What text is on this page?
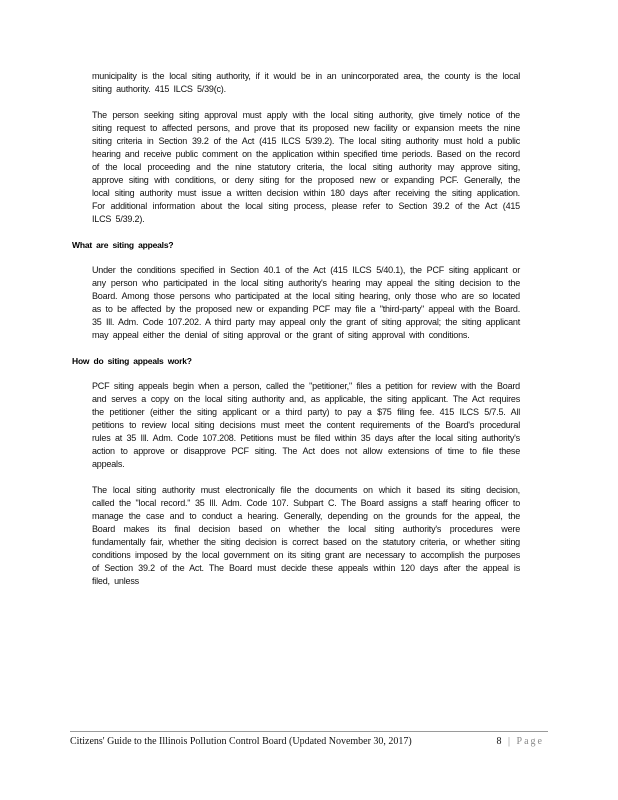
municipality is the local siting authority, if it would be in an unincorporated area, the county is the local siting authority. 415 ILCS 5/39(c).

The person seeking siting approval must apply with the local siting authority, give timely notice of the siting request to affected persons, and prove that its proposed new facility or expansion meets the nine siting criteria in Section 39.2 of the Act (415 ILCS 5/39.2). The local siting authority must hold a public hearing and receive public comment on the application within specified time periods. Based on the record of the local proceeding and the nine statutory criteria, the local siting authority may approve siting, approve siting with conditions, or deny siting for the proposed new or expanding PCF. Generally, the local siting authority must issue a written decision within 180 days after receiving the siting application. For additional information about the local siting process, please refer to Section 39.2 of the Act (415 ILCS 5/39.2).

What are siting appeals?

Under the conditions specified in Section 40.1 of the Act (415 ILCS 5/40.1), the PCF siting applicant or any person who participated in the local siting authority's hearing may appeal the siting decision to the Board. Among those persons who participated at the local siting hearing, only those who are so located as to be affected by the proposed new or expanding PCF may file a "third-party" appeal with the Board. 35 Ill. Adm. Code 107.202. A third party may appeal only the grant of siting approval; the siting applicant may appeal either the denial of siting approval or the grant of siting approval with conditions.

How do siting appeals work?

PCF siting appeals begin when a person, called the "petitioner," files a petition for review with the Board and serves a copy on the local siting authority and, as applicable, the siting applicant. The Act requires the petitioner (either the siting applicant or a third party) to pay a $75 filing fee. 415 ILCS 5/7.5. All petitions to review local siting decisions must meet the content requirements of the Board's procedural rules at 35 Ill. Adm. Code 107.208. Petitions must be filed within 35 days after the local siting authority's action to approve or disapprove PCF siting. The Act does not allow extensions of time to file these appeals.

The local siting authority must electronically file the documents on which it based its siting decision, called the "local record." 35 Ill. Adm. Code 107. Subpart C. The Board assigns a staff hearing officer to manage the case and to conduct a hearing. Generally, depending on the grounds for the appeal, the Board makes its final decision based on whether the local siting authority's procedures were fundamentally fair, whether the siting decision is correct based on the statutory criteria, or whether siting conditions imposed by the local government on its siting grant are necessary to accomplish the purposes of Section 39.2 of the Act. The Board must decide these appeals within 120 days after the appeal is filed, unless

Citizens' Guide to the Illinois Pollution Control Board (Updated November 30, 2017)	8 | Page
